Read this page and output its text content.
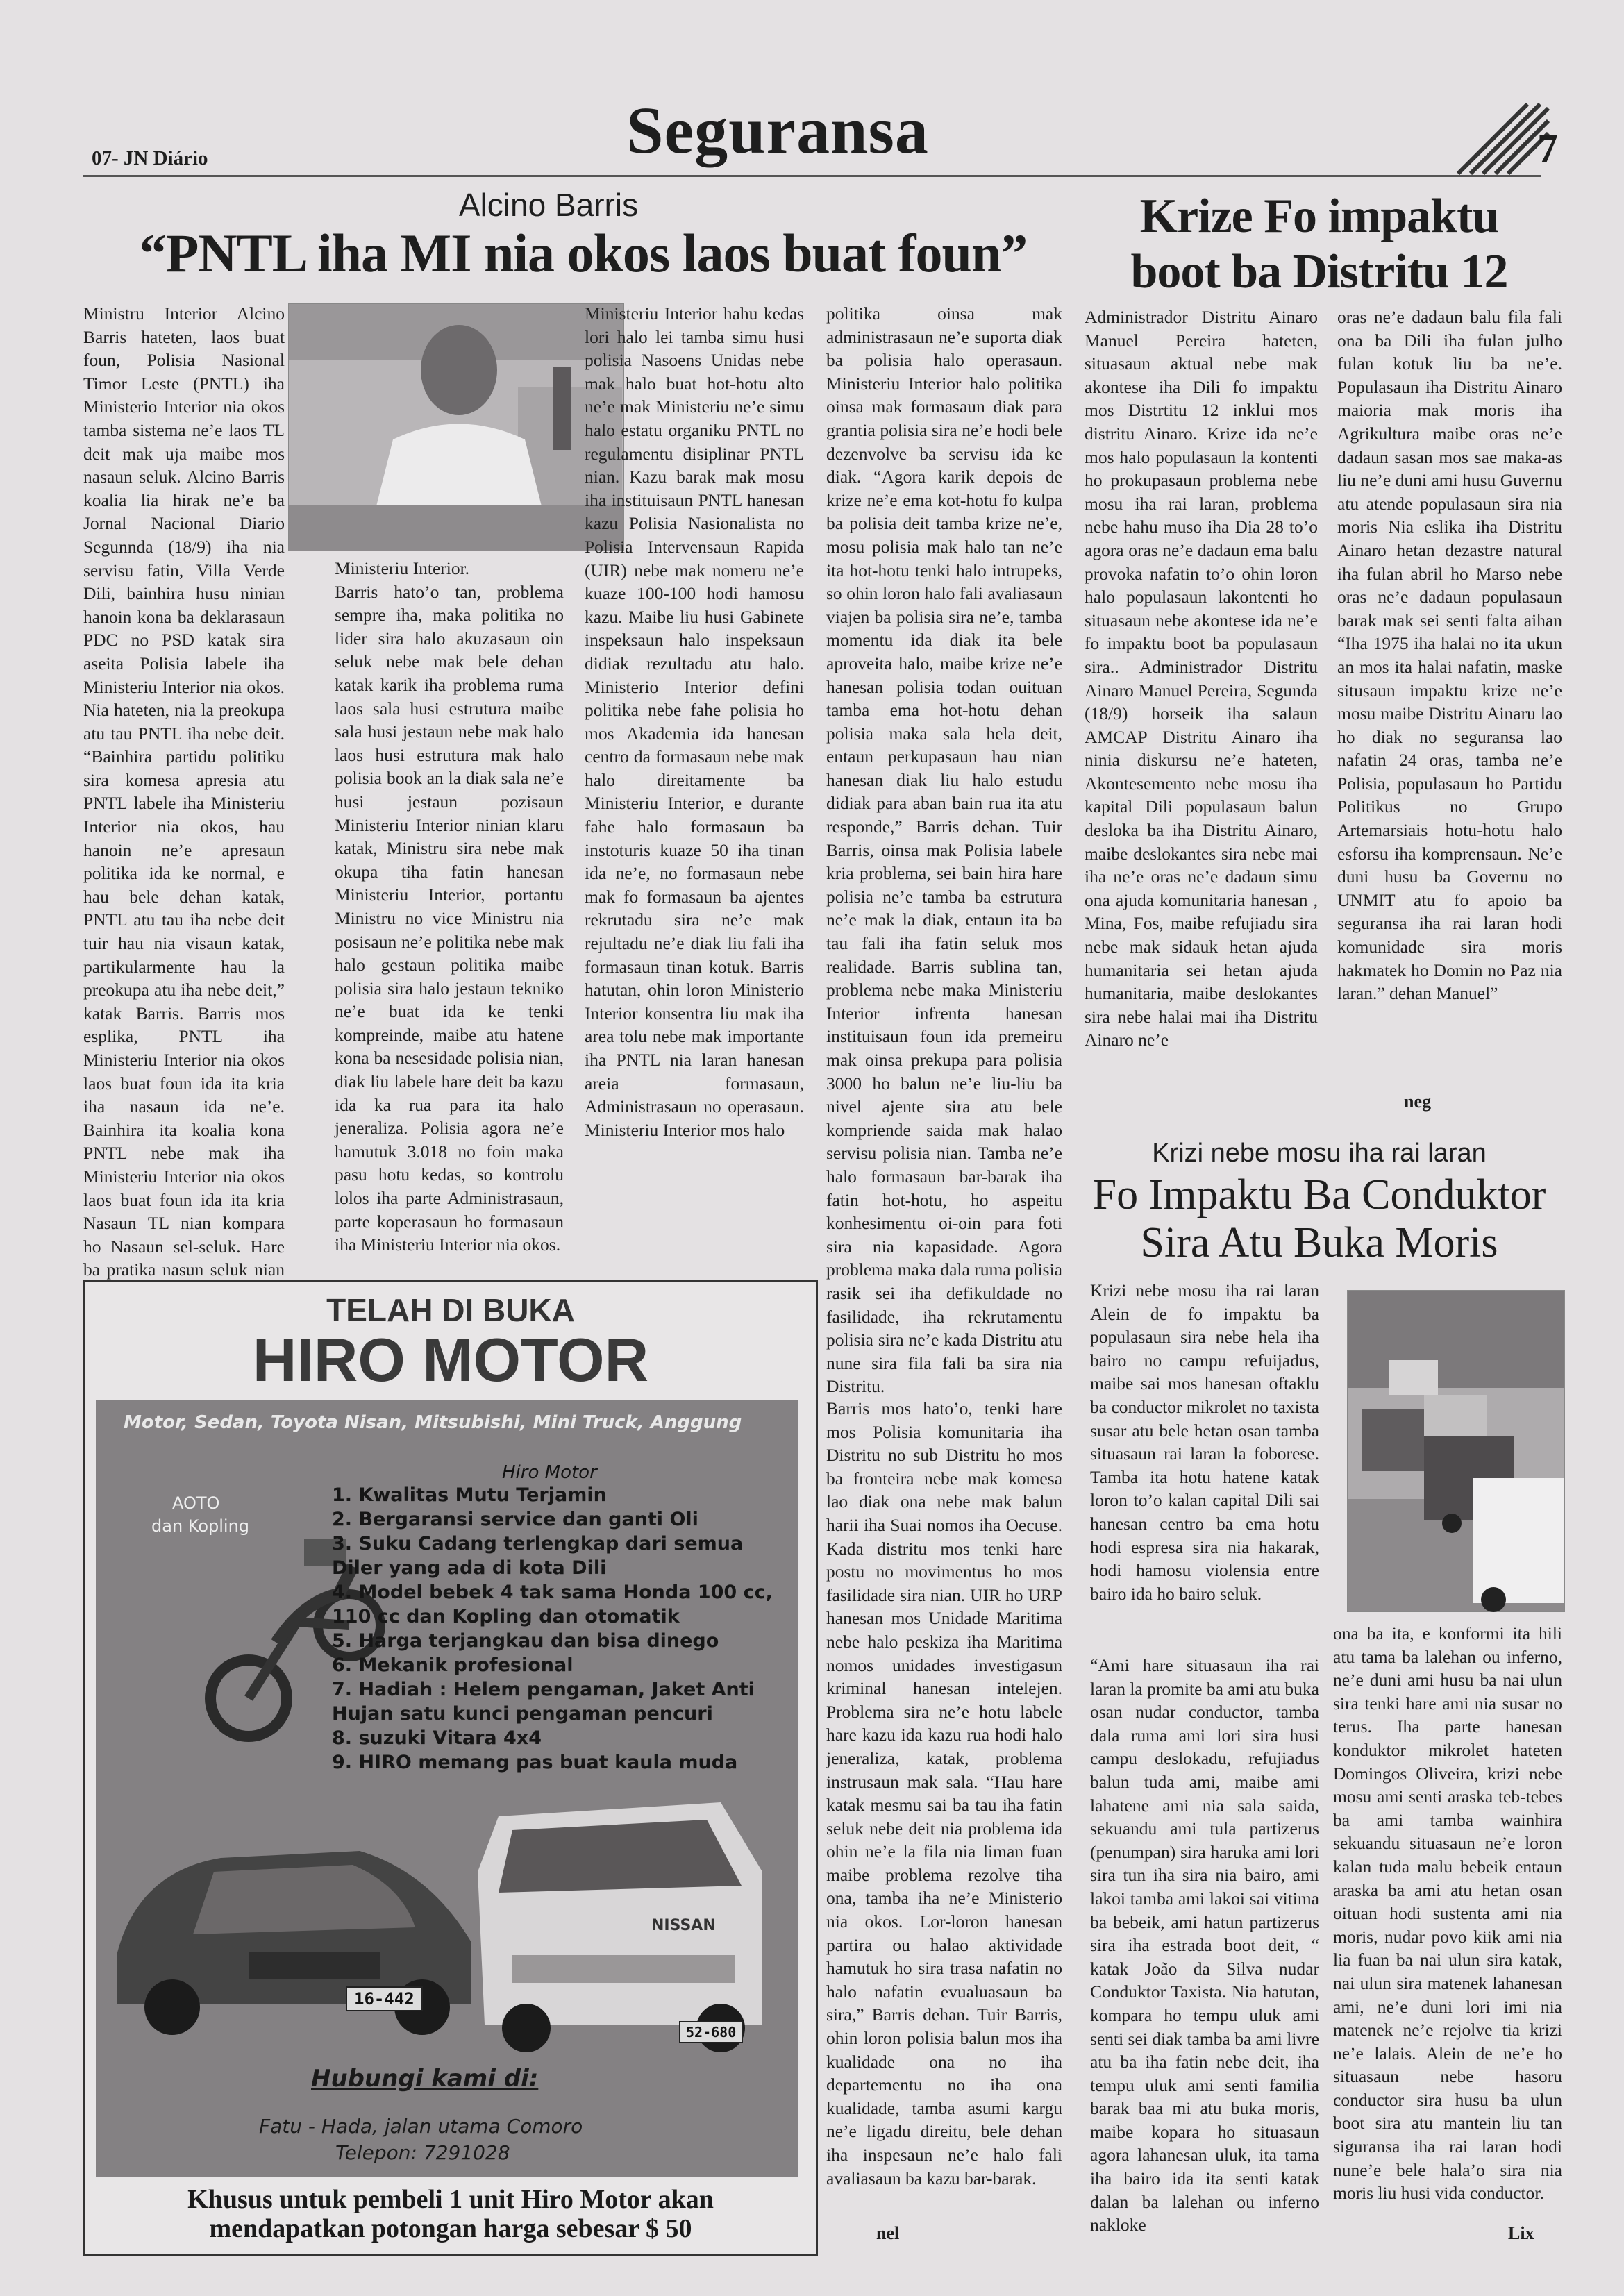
07- JN Diário	Seguransa	7
Alcino Barris
“PNTL iha MI nia okos laos buat foun”

Ministru Interior Alcino Barris hateten, laos buat foun, Polisia Nasional Timor Leste (PNTL) iha Ministerio Interior nia okos tamba sistema ne’e laos TL deit mak uja maibe mos nasaun seluk. Alcino Barris koalia lia hirak ne’e ba Jornal Nacional Diario Segunnda (18/9) iha nia servisu fatin, Villa Verde Dili, bainhira husu ninian hanoin kona ba deklarasaun PDC no PSD katak sira aseita Polisia labele iha Ministeriu Interior nia okos. Nia hateten, nia la preokupa atu tau PNTL iha nebe deit. “Bainhira partidu politiku sira komesa apresia atu PNTL labele iha Ministeriu Interior nia okos, hau hanoin ne’e apresaun politika ida ke normal, e hau bele dehan katak, PNTL atu tau iha nebe deit tuir hau nia visaun katak, partikularmente hau la preokupa atu iha nebe deit,” katak Barris. Barris mos esplika, PNTL iha Ministeriu Interior nia okos laos buat foun ida ita kria iha nasaun ida ne’e. Bainhira ita koalia kona PNTL nebe mak iha Ministeriu Interior nia okos laos buat foun ida ita kria Nasaun TL nian kompara ho Nasaun sel-seluk. Hare ba pratika nasun seluk nian

Ministeriu Interior.

Barris hato’o tan, problema sempre iha, maka politika no lider sira halo akuzasaun oin seluk nebe mak bele dehan katak karik iha problema ruma laos sala husi estrutura maibe sala husi jestaun nebe mak halo laos husi estrutura mak halo polisia book an la diak sala ne’e husi jestaun pozisaun Ministeriu Interior ninian klaru katak, Ministru sira nebe mak okupa tiha fatin hanesan Ministeriu Interior, portantu Ministru no vice Ministru nia posisaun ne’e politika nebe mak halo gestaun politika maibe polisia sira halo jestaun tekniko ne’e buat ida ke tenki kompreinde, maibe atu hatene kona ba nesesidade polisia nian, diak liu labele hare deit ba kazu ida ka rua para ita halo jeneraliza. Polisia agora ne’e hamutuk 3.018 no foin maka pasu hotu kedas, so kontrolu lolos iha parte Administrasaun, parte koperasaun ho formasaun iha Ministeriu Interior nia okos.

Ministeriu Interior hahu kedas lori halo lei tamba simu husi polisia Nasoens Unidas nebe mak halo buat hot-hotu alto ne’e mak Ministeriu ne’e simu halo estatu organiku PNTL no regulamentu disiplinar PNTL nian. Kazu barak mak mosu iha instituisaun PNTL hanesan kazu Polisia Nasionalista no Polisia Intervensaun Rapida (UIR) nebe mak nomeru ne’e kuaze 100-100 hodi hamosu kazu. Maibe liu husi Gabinete inspeksaun halo inspeksaun didiak rezultadu atu halo. Ministerio Interior defini politika nebe fahe polisia ho mos Akademia ida hanesan centro da formasaun nebe mak halo direitamente ba Ministeriu Interior, e durante fahe halo formasaun ba instoturis kuaze 50 iha tinan ida ne’e, no formasaun nebe mak fo formasaun ba ajentes rekrutadu sira ne’e mak rejultadu ne’e diak liu fali iha formasaun tinan kotuk. Barris hatutan, ohin loron Ministerio Interior konsentra liu mak iha area tolu nebe mak importante iha PNTL nia laran hanesan areia formasaun, Administrasaun no operasaun. Ministeriu Interior mos halo

politika oinsa mak administrasaun ne’e suporta diak ba polisia halo operasaun. Ministeriu Interior halo politika oinsa mak formasaun diak para grantia polisia sira ne’e hodi bele dezenvolve ba servisu ida ke diak. “Agora karik depois de krize ne’e ema kot-hotu fo kulpa ba polisia deit tamba krize ne’e, mosu polisia mak halo tan ne’e ita hot-hotu tenki halo intrupeks, so ohin loron halo fali avaliasaun viajen ba polisia sira ne’e, tamba momentu ida diak ita bele aproveita halo, maibe krize ne’e hanesan polisia todan ouituan tamba ema hot-hotu dehan polisia maka sala hela deit, entaun perkupasaun hau nian hanesan diak liu halo estudu didiak para aban bain rua ita atu responde,” Barris dehan. Tuir Barris, oinsa mak Polisia labele kria problema, sei bain hira hare polisia ne’e tamba ba estrutura ne’e mak la diak, entaun ita ba tau fali iha fatin seluk mos realidade. Barris sublina tan, problema nebe maka Ministeriu Interior infrenta hanesan instituisaun foun ida premeiru mak oinsa prekupa para polisia 3000 ho balun ne’e liu-liu ba nivel ajente sira atu bele kompriende saida mak halao servisu polisia nian. Tamba ne’e halo formasaun bar-barak iha fatin hot-hotu, ho aspeitu konhesimentu oi-oin para foti sira nia kapasidade. Agora problema maka dala ruma polisia rasik sei iha defikuldade no fasilidade, iha rekrutamentu polisia sira ne’e kada Distritu atu nune sira fila fali ba sira nia Distritu.

Barris mos hato’o, tenki hare mos Polisia komunitaria iha Distritu no sub Distritu ho mos ba fronteira nebe mak komesa lao diak ona nebe mak balun harii iha Suai nomos iha Oecuse. Kada distritu mos tenki hare postu no movimentus ho mos fasilidade sira nian. UIR ho URP hanesan mos Unidade Maritima nebe halo peskiza iha Maritima nomos unidades investigasun kriminal hanesan intelejen. Problema sira ne’e hotu labele hare kazu ida kazu rua hodi halo jeneraliza, katak, problema instrusaun mak sala. “Hau hare katak mesmu sai ba tau iha fatin seluk nebe deit nia problema ida ohin ne’e la fila nia liman fuan maibe problema rezolve tiha ona, tamba iha ne’e Ministerio nia okos. Lor-loron hanesan partira ou halao aktividade hamutuk ho sira trasa nafatin no halo nafatin evualuasaun ba sira,” Barris dehan. Tuir Barris, ohin loron polisia balun mos iha kualidade ona no iha departementu no iha ona kualidade, tamba asumi kargu ne’e ligadu direitu, bele dehan iha inspesaun ne’e halo fali avaliasaun ba kazu bar-barak.

nel
Krize Fo impaktu
boot ba Distritu 12

Administrador Distritu Ainaro Manuel Pereira hateten, situasaun aktual nebe mak akontese iha Dili fo impaktu mos Distrtitu 12 inklui mos distritu Ainaro. Krize ida ne’e mos halo populasaun la kontenti ho prokupasaun problema nebe mosu iha rai laran, problema nebe hahu muso iha Dia 28 to’o agora oras ne’e dadaun ema balu provoka nafatin to’o ohin loron halo populasaun lakontenti ho situasaun nebe akontese ida ne’e fo impaktu boot ba populasaun sira.. Administrador Distritu Ainaro Manuel Pereira, Segunda (18/9) horseik iha salaun AMCAP Distritu Ainaro iha ninia diskursu ne’e hateten, Akontesemento nebe mosu iha kapital Dili populasaun balun desloka ba iha Distritu Ainaro, maibe deslokantes sira nebe mai iha ne’e oras ne’e dadaun simu ona ajuda komunitaria hanesan , Mina, Fos, maibe refujiadu sira nebe mak sidauk hetan ajuda humanitaria sei hetan ajuda humanitaria, maibe deslokantes sira nebe halai mai iha Distritu Ainaro ne’e

oras ne’e dadaun balu fila fali ona ba Dili iha fulan julho fulan kotuk liu ba ne’e. Populasaun iha Distritu Ainaro maioria mak moris iha Agrikultura maibe oras ne’e dadaun sasan mos sae maka-as liu ne’e duni ami husu Guvernu atu atende populasaun sira nia moris Nia eslika iha Distritu Ainaro hetan dezastre natural iha fulan abril ho Marso nebe oras ne’e dadaun populasaun barak mak sei senti falta aihan “Iha 1975 iha halai no ita ukun an mos ita halai nafatin, maske situsaun impaktu krize ne’e mosu maibe Distritu Ainaru lao ho diak no seguransa lao nafatin 24 oras, tamba ne’e Polisia, populasaun ho Partidu Politikus no Grupo Artemarsiais hotu-hotu halo esforsu iha komprensaun. Ne’e duni husu ba Governu no UNMIT atu fo apoio ba seguransa iha rai laran hodi komunidade sira moris hakmatek ho Domin no Paz nia laran.” dehan Manuel”

neg
Krizi nebe mosu iha rai laran
Fo Impaktu Ba Conduktor
Sira Atu Buka Moris

Krizi nebe mosu iha rai laran Alein de fo impaktu ba populasaun sira nebe hela iha bairo no campu refuijadus, maibe sai mos hanesan oftaklu ba conductor mikrolet no taxista susar atu bele hetan osan tamba situasaun rai laran la foborese. Tamba ita hotu hatene katak loron to’o kalan capital Dili sai hanesan centro ba ema hotu hodi espresa sira nia hakarak, hodi hamosu violensia entre bairo ida ho bairo seluk.

“Ami hare situasaun iha rai laran la promite ba ami atu buka osan nudar conductor, tamba dala ruma ami lori sira husi campu deslokadu, refujiadus balun tuda ami, maibe ami lahatene ami nia sala saida, sekuandu ami tula partizerus (penumpan) sira haruka ami lori sira tun iha sira nia bairo, ami lakoi tamba ami lakoi sai vitima ba bebeik, ami hatun partizerus sira iha estrada boot deit, “ katak João da Silva nudar Conduktor Taxista. Nia hatutan, kompara ho tempu uluk ami senti sei diak tamba ba ami livre atu ba iha fatin nebe deit, iha tempu uluk ami senti familia barak baa mi atu buka moris, maibe kopara ho situasaun agora lahanesan uluk, ita tama iha bairo ida ita senti katak dalan ba lalehan ou inferno nakloke

ona ba ita, e konformi ita hili atu tama ba lalehan ou inferno, ne’e duni ami husu ba nai ulun sira tenki hare ami nia susar no terus. Iha parte hanesan konduktor mikrolet hateten Domingos Oliveira, krizi nebe mosu ami senti araska teb-tebes ba ami tamba wainhira sekuandu situasaun ne’e loron kalan tuda malu bebeik entaun araska ba ami atu hetan osan oituan hodi sustenta ami nia moris, nudar povo kiik ami nia lia fuan ba nai ulun sira katak, nai ulun sira matenek lahanesan ami, ne’e duni lori imi nia matenek ne’e rejolve tia krizi ne’e lalais. Alein de ne’e ho situasaun nebe hasoru conductor sira husu ba ulun boot sira atu mantein liu tan siguransa iha rai laran hodi nune’e bele hala’o sira nia moris liu husi vida conductor.

Lix
TELAH DI BUKA
HIRO MOTOR
Motor, Sedan, Toyota Nisan, Mitsubishi, Mini Truck, Anggung
AOTO
dan Kopling
Hiro Motor
1. Kwalitas Mutu Terjamin
2. Bergaransi service dan ganti Oli
3. Suku Cadang terlengkap dari semua Diler yang ada di kota Dili
4. Model bebek 4 tak sama Honda 100 cc, 110 cc dan Kopling dan otomatik
5. Harga terjangkau dan bisa dinego
6. Mekanik profesional
7. Hadiah : Helem pengaman, Jaket Anti Hujan satu kunci pengaman pencuri
8. suzuki Vitara 4x4
9. HIRO memang pas buat kaula muda
16-442
NISSAN
52-680
Hubungi kami di:
Fatu - Hada, jalan utama Comoro
Telepon: 7291028
Khusus untuk pembeli 1 unit Hiro Motor akan
mendapatkan potongan harga sebesar $ 50
